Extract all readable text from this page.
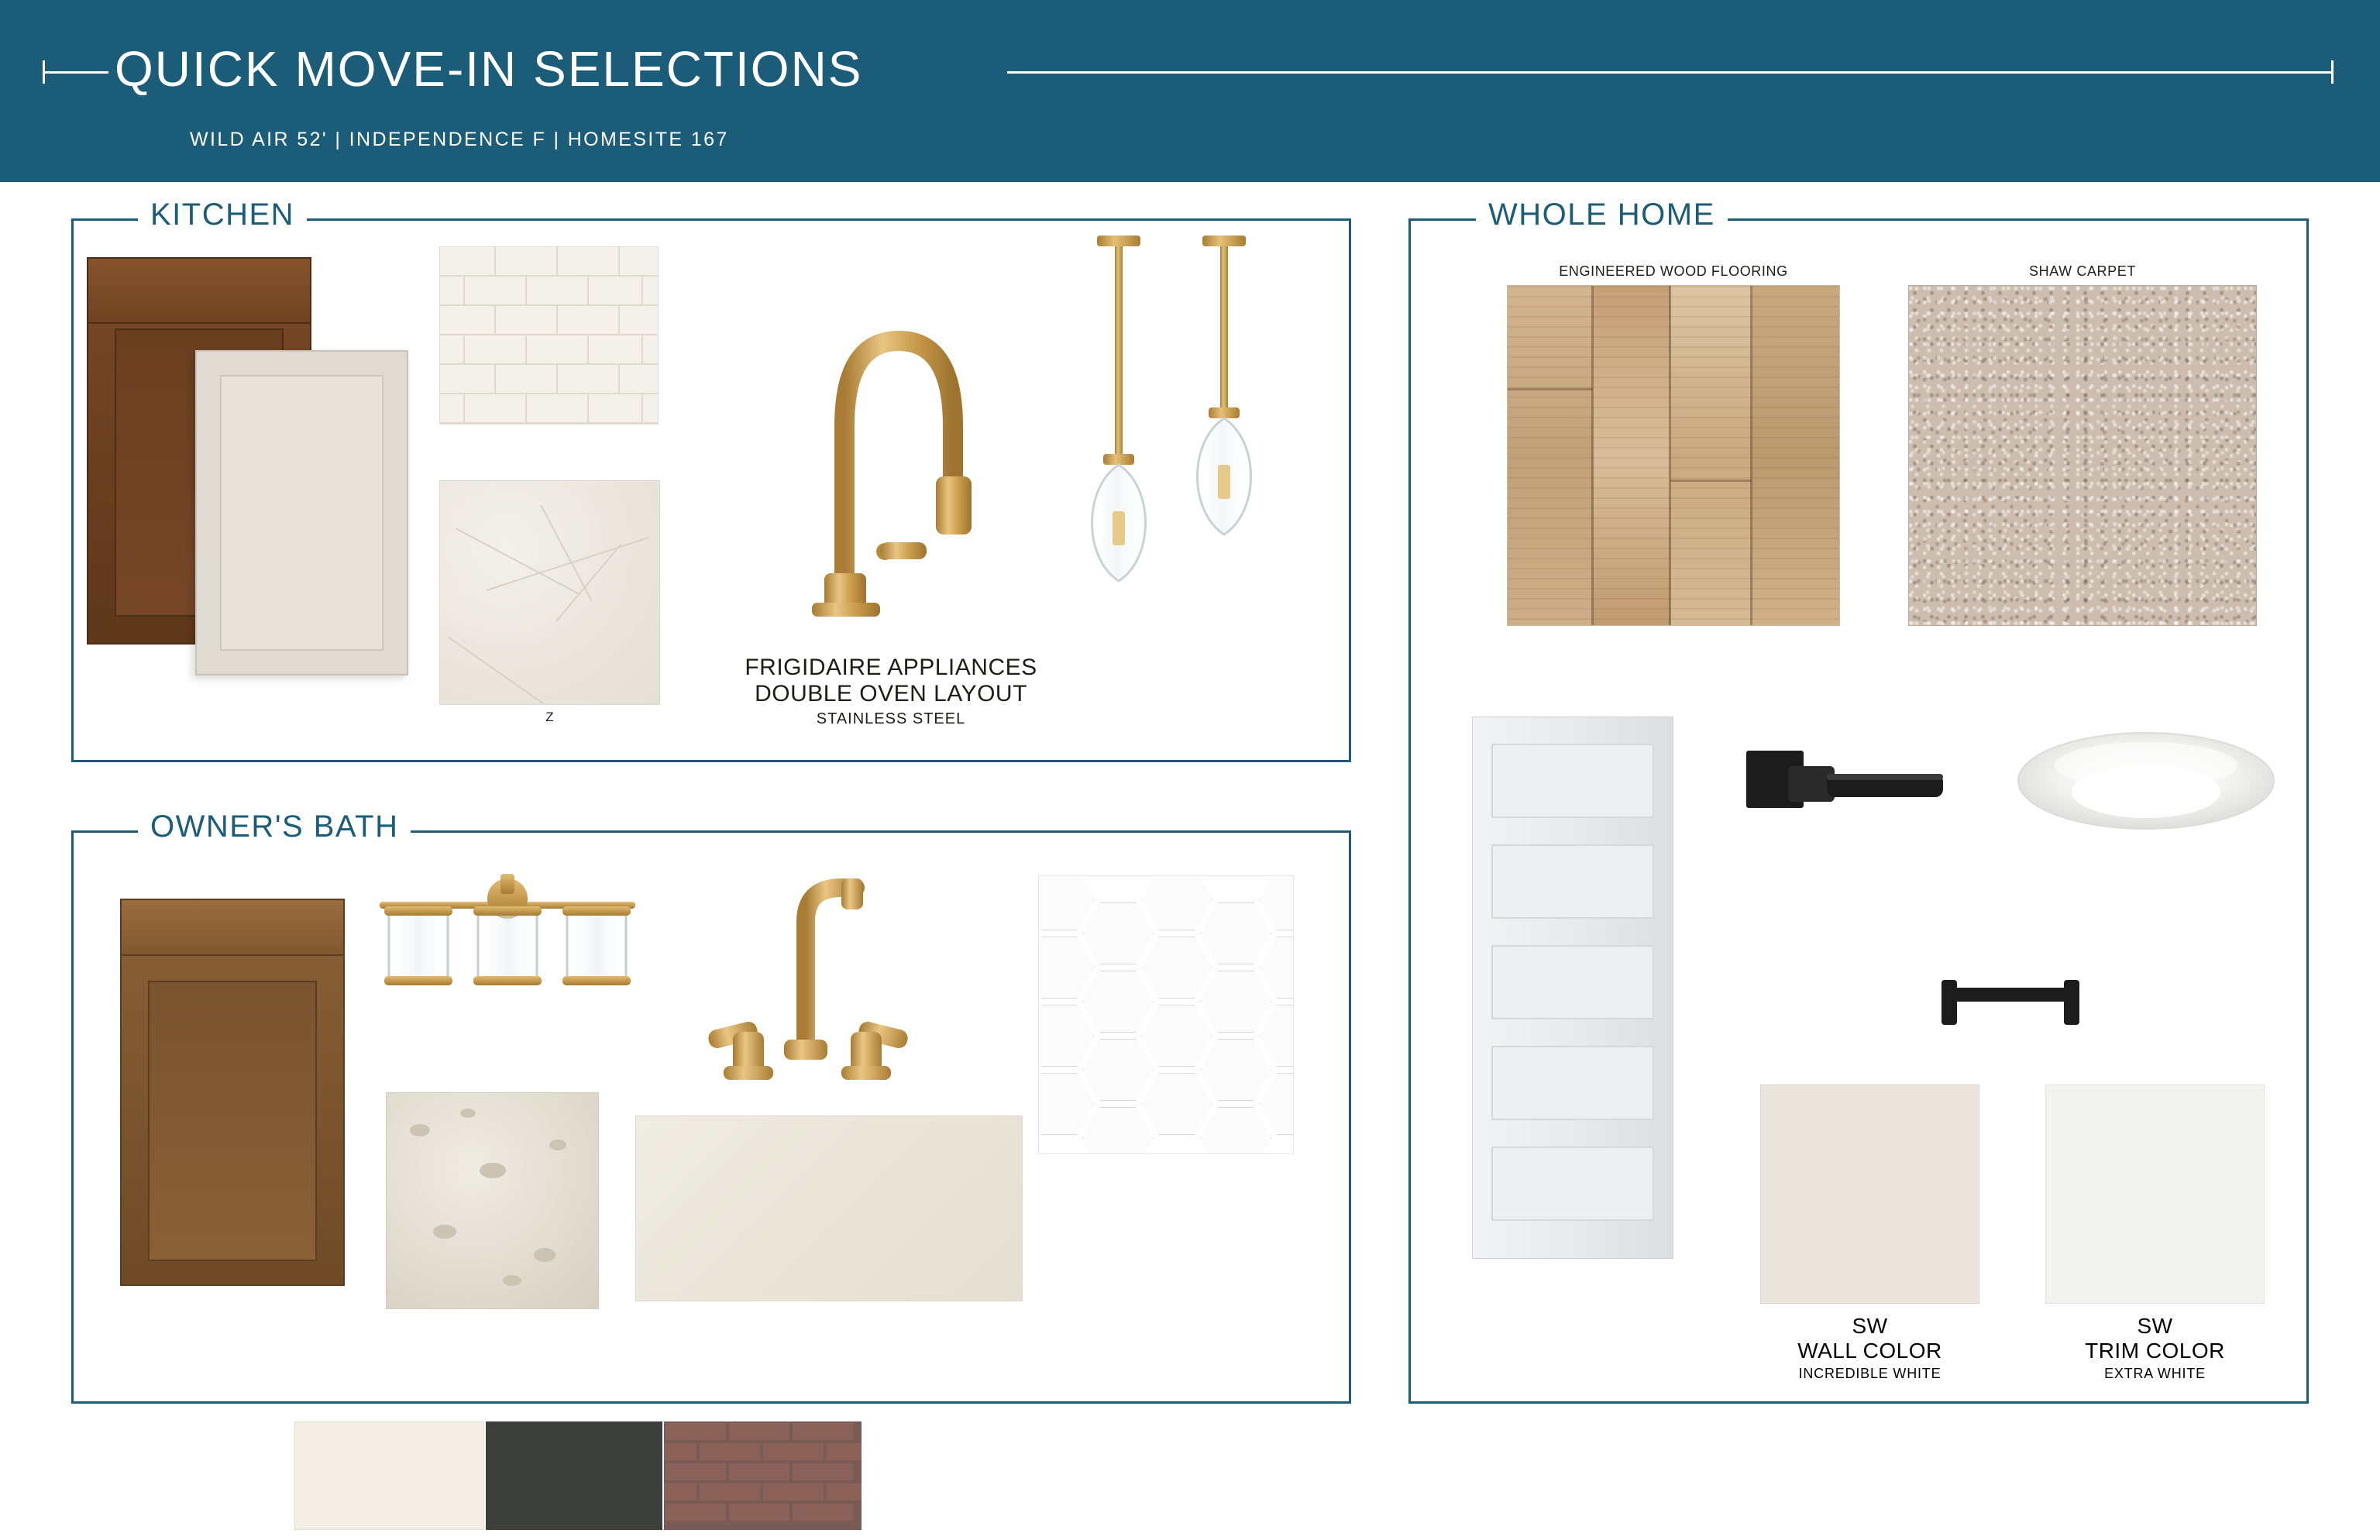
QUICK MOVE-IN SELECTIONS
WILD AIR 52' | INDEPENDENCE F | HOMESITE 167
KITCHEN
Z
FRIGIDAIRE APPLIANCES
DOUBLE OVEN LAYOUT
STAINLESS STEEL
OWNER'S BATH
WHOLE HOME
ENGINEERED WOOD FLOORING	SHAW CARPET
SW
WALL COLOR
INCREDIBLE WHITE
SW
TRIM COLOR
EXTRA WHITE
